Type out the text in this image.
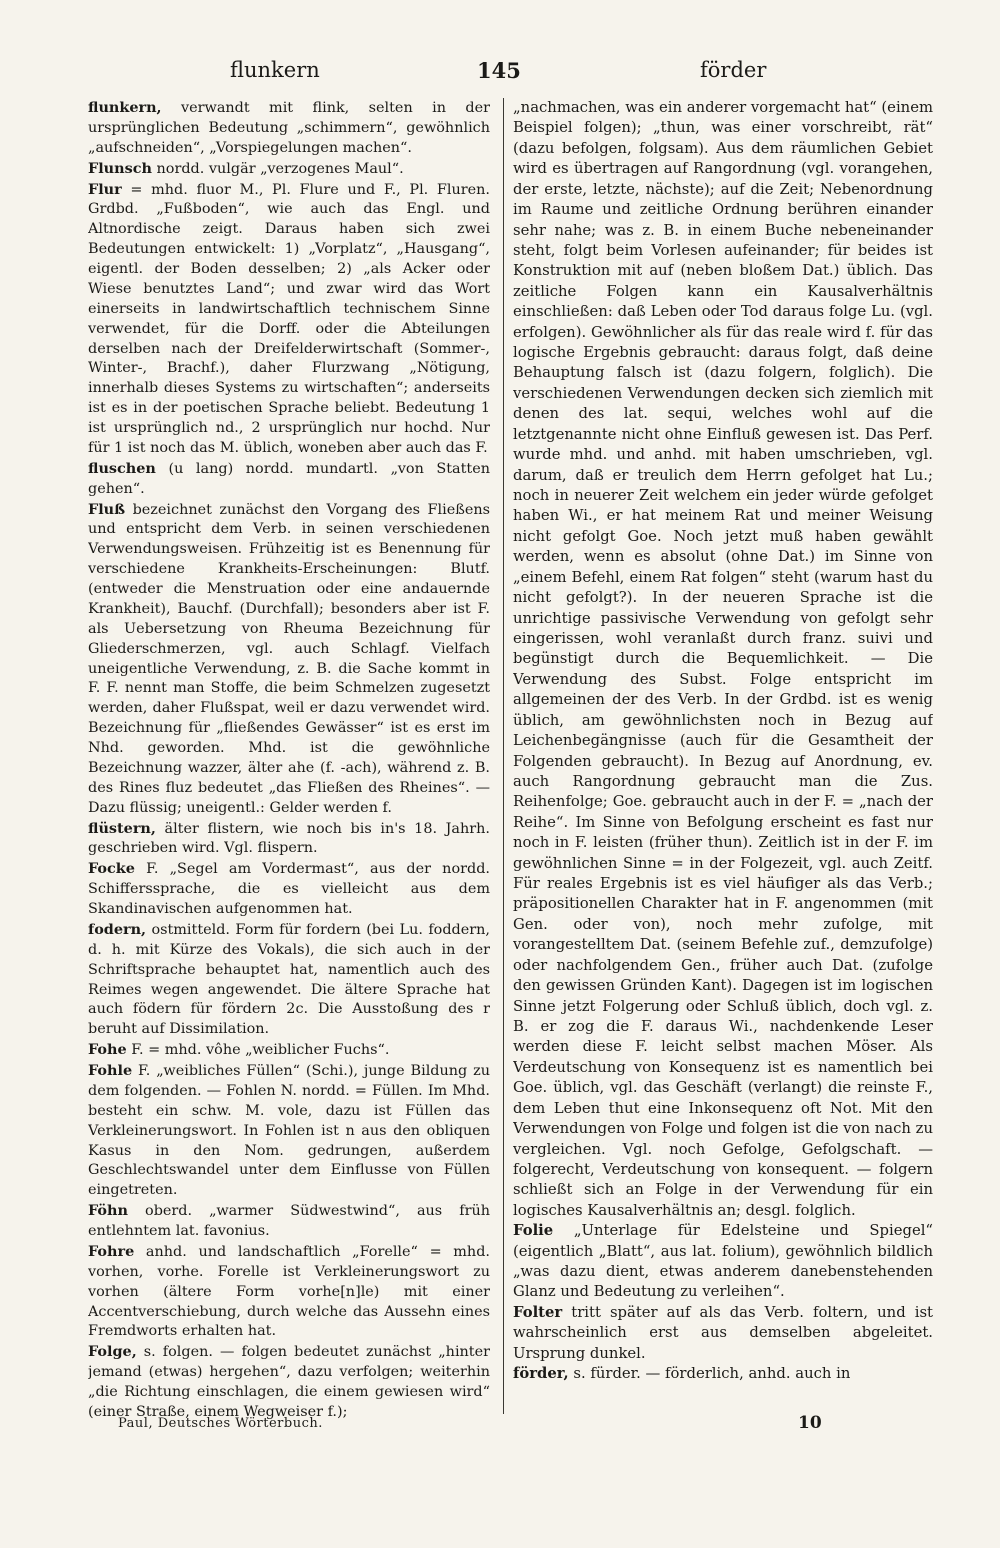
flunkern	145	förder

flunkern, verwandt mit flink, selten in der ursprünglichen Bedeutung „schimmern“, gewöhnlich „aufschneiden“, „Vorspiegelungen machen“.

Flunsch nordd. vulgär „verzogenes Maul“.

Flur = mhd. fluor M., Pl. Flure und F., Pl. Fluren. Grdbd. „Fußboden“, wie auch das Engl. und Altnordische zeigt. Daraus haben sich zwei Bedeutungen entwickelt: 1) „Vorplatz“, „Hausgang“, eigentl. der Boden desselben; 2) „als Acker oder Wiese benutztes Land“; und zwar wird das Wort einerseits in landwirtschaftlich technischem Sinne verwendet, für die Dorff. oder die Abteilungen derselben nach der Dreifelderwirtschaft (Sommer-, Winter-, Brachf.), daher Flurzwang „Nötigung, innerhalb dieses Systems zu wirtschaften“; anderseits ist es in der poetischen Sprache beliebt. Bedeutung 1 ist ursprünglich nd., 2 ursprünglich nur hochd. Nur für 1 ist noch das M. üblich, woneben aber auch das F.

fluschen (u lang) nordd. mundartl. „von Statten gehen“.

Fluß bezeichnet zunächst den Vorgang des Fließens und entspricht dem Verb. in seinen verschiedenen Verwendungsweisen. Frühzeitig ist es Benennung für verschiedene Krankheits-Erscheinungen: Blutf. (entweder die Menstruation oder eine andauernde Krankheit), Bauchf. (Durchfall); besonders aber ist F. als Uebersetzung von Rheuma Bezeichnung für Gliederschmerzen, vgl. auch Schlagf. Vielfach uneigentliche Verwendung, z. B. die Sache kommt in F. F. nennt man Stoffe, die beim Schmelzen zugesetzt werden, daher Flußspat, weil er dazu verwendet wird. Bezeichnung für „fließendes Gewässer“ ist es erst im Nhd. geworden. Mhd. ist die gewöhnliche Bezeichnung wazzer, älter ahe (f. -ach), während z. B. des Rines fluz bedeutet „das Fließen des Rheines“. — Dazu flüssig; uneigentl.: Gelder werden f.

flüstern, älter flistern, wie noch bis in's 18. Jahrh. geschrieben wird. Vgl. flispern.

Focke F. „Segel am Vordermast“, aus der nordd. Schifferssprache, die es vielleicht aus dem Skandinavischen aufgenommen hat.

fodern, ostmitteld. Form für fordern (bei Lu. foddern, d. h. mit Kürze des Vokals), die sich auch in der Schriftsprache behauptet hat, namentlich auch des Reimes wegen angewendet. Die ältere Sprache hat auch födern für fördern 2c. Die Ausstoßung des r beruht auf Dissimilation.

Fohe F. = mhd. vôhe „weiblicher Fuchs“.

Fohle F. „weibliches Füllen“ (Schi.), junge Bildung zu dem folgenden. — Fohlen N. nordd. = Füllen. Im Mhd. besteht ein schw. M. vole, dazu ist Füllen das Verkleinerungswort. In Fohlen ist n aus den obliquen Kasus in den Nom. gedrungen, außerdem Geschlechtswandel unter dem Einflusse von Füllen eingetreten.

Föhn oberd. „warmer Südwestwind“, aus früh entlehntem lat. favonius.

Fohre anhd. und landschaftlich „Forelle“ = mhd. vorhen, vorhe. Forelle ist Verkleinerungswort zu vorhen (ältere Form vorhe[n]le) mit einer Accentverschiebung, durch welche das Aussehn eines Fremdworts erhalten hat.

Folge, s. folgen. — folgen bedeutet zunächst „hinter jemand (etwas) hergehen“, dazu verfolgen; weiterhin „die Richtung einschlagen, die einem gewiesen wird“ (einer Straße, einem Wegweiser f.);

„nachmachen, was ein anderer vorgemacht hat“ (einem Beispiel folgen); „thun, was einer vorschreibt, rät“ (dazu befolgen, folgsam). Aus dem räumlichen Gebiet wird es übertragen auf Rangordnung (vgl. vorangehen, der erste, letzte, nächste); auf die Zeit; Nebenordnung im Raume und zeitliche Ordnung berühren einander sehr nahe; was z. B. in einem Buche nebeneinander steht, folgt beim Vorlesen aufeinander; für beides ist Konstruktion mit auf (neben bloßem Dat.) üblich. Das zeitliche Folgen kann ein Kausalverhältnis einschließen: daß Leben oder Tod daraus folge Lu. (vgl. erfolgen). Gewöhnlicher als für das reale wird f. für das logische Ergebnis gebraucht: daraus folgt, daß deine Behauptung falsch ist (dazu folgern, folglich). Die verschiedenen Verwendungen decken sich ziemlich mit denen des lat. sequi, welches wohl auf die letztgenannte nicht ohne Einfluß gewesen ist. Das Perf. wurde mhd. und anhd. mit haben umschrieben, vgl. darum, daß er treulich dem Herrn gefolget hat Lu.; noch in neuerer Zeit welchem ein jeder würde gefolget haben Wi., er hat meinem Rat und meiner Weisung nicht gefolgt Goe. Noch jetzt muß haben gewählt werden, wenn es absolut (ohne Dat.) im Sinne von „einem Befehl, einem Rat folgen“ steht (warum hast du nicht gefolgt?). In der neueren Sprache ist die unrichtige passivische Verwendung von gefolgt sehr eingerissen, wohl veranlaßt durch franz. suivi und begünstigt durch die Bequemlichkeit. — Die Verwendung des Subst. Folge entspricht im allgemeinen der des Verb. In der Grdbd. ist es wenig üblich, am gewöhnlichsten noch in Bezug auf Leichenbegängnisse (auch für die Gesamtheit der Folgenden gebraucht). In Bezug auf Anordnung, ev. auch Rangordnung gebraucht man die Zus. Reihenfolge; Goe. gebraucht auch in der F. = „nach der Reihe“. Im Sinne von Befolgung erscheint es fast nur noch in F. leisten (früher thun). Zeitlich ist in der F. im gewöhnlichen Sinne = in der Folgezeit, vgl. auch Zeitf. Für reales Ergebnis ist es viel häufiger als das Verb.; präpositionellen Charakter hat in F. angenommen (mit Gen. oder von), noch mehr zufolge, mit vorangestelltem Dat. (seinem Befehle zuf., demzufolge) oder nachfolgendem Gen., früher auch Dat. (zufolge den gewissen Gründen Kant). Dagegen ist im logischen Sinne jetzt Folgerung oder Schluß üblich, doch vgl. z. B. er zog die F. daraus Wi., nachdenkende Leser werden diese F. leicht selbst machen Möser. Als Verdeutschung von Konsequenz ist es namentlich bei Goe. üblich, vgl. das Geschäft (verlangt) die reinste F., dem Leben thut eine Inkonsequenz oft Not. Mit den Verwendungen von Folge und folgen ist die von nach zu vergleichen. Vgl. noch Gefolge, Gefolgschaft. — folgerecht, Verdeutschung von konsequent. — folgern schließt sich an Folge in der Verwendung für ein logisches Kausalverhältnis an; desgl. folglich.

Folie „Unterlage für Edelsteine und Spiegel“ (eigentlich „Blatt“, aus lat. folium), gewöhnlich bildlich „was dazu dient, etwas anderem danebenstehenden Glanz und Bedeutung zu verleihen“.

Folter tritt später auf als das Verb. foltern, und ist wahrscheinlich erst aus demselben abgeleitet. Ursprung dunkel.

förder, s. fürder. — förderlich, anhd. auch in

Paul, Deutsches Wörterbuch.	10
